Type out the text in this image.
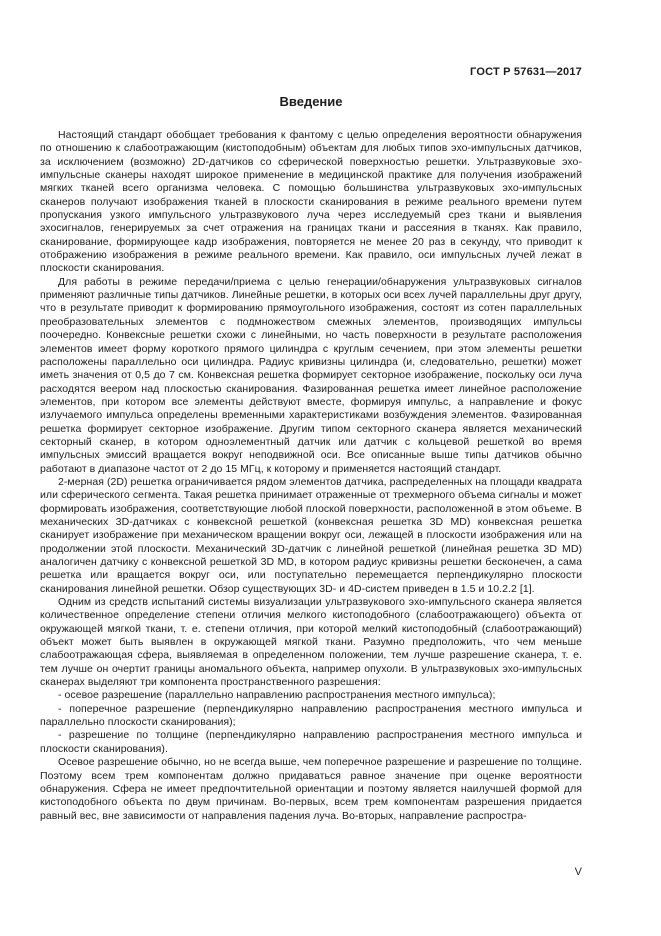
ГОСТ Р 57631—2017
Введение

Настоящий стандарт обобщает требования к фантому с целью определения вероятности обнаружения по отношению к слабоотражающим (кистоподобным) объектам для любых типов эхо-импульсных датчиков, за исключением (возможно) 2D-датчиков со сферической поверхностью решетки. Ультразвуковые эхо-импульсные сканеры находят широкое применение в медицинской практике для получения изображений мягких тканей всего организма человека. С помощью большинства ультразвуковых эхо-импульсных сканеров получают изображения тканей в плоскости сканирования в режиме реального времени путем пропускания узкого импульсного ультразвукового луча через исследуемый срез ткани и выявления эхосигналов, генерируемых за счет отражения на границах ткани и рассеяния в тканях. Как правило, сканирование, формирующее кадр изображения, повторяется не менее 20 раз в секунду, что приводит к отображению изображения в режиме реального времени. Как правило, оси импульсных лучей лежат в плоскости сканирования.

Для работы в режиме передачи/приема с целью генерации/обнаружения ультразвуковых сигналов применяют различные типы датчиков. Линейные решетки, в которых оси всех лучей параллельны друг другу, что в результате приводит к формированию прямоугольного изображения, состоят из сотен параллельных преобразовательных элементов с подмножеством смежных элементов, производящих импульсы поочередно. Конвексные решетки схожи с линейными, но часть поверхности в результате расположения элементов имеет форму короткого прямого цилиндра с круглым сечением, при этом элементы решетки расположены параллельно оси цилиндра. Радиус кривизны цилиндра (и, следовательно, решетки) может иметь значения от 0,5 до 7 см. Конвексная решетка формирует секторное изображение, поскольку оси луча расходятся веером над плоскостью сканирования. Фазированная решетка имеет линейное расположение элементов, при котором все элементы действуют вместе, формируя импульс, а направление и фокус излучаемого импульса определены временными характеристиками возбуждения элементов. Фазированная решетка формирует секторное изображение. Другим типом секторного сканера является механический секторный сканер, в котором одноэлементный датчик или датчик с кольцевой решеткой во время импульсных эмиссий вращается вокруг неподвижной оси. Все описанные выше типы датчиков обычно работают в диапазоне частот от 2 до 15 МГц, к которому и применяется настоящий стандарт.

2-мерная (2D) решетка ограничивается рядом элементов датчика, распределенных на площади квадрата или сферического сегмента. Такая решетка принимает отраженные от трехмерного объема сигналы и может формировать изображения, соответствующие любой плоской поверхности, расположенной в этом объеме. В механических 3D-датчиках с конвексной решеткой (конвексная решетка 3D MD) конвексная решетка сканирует изображение при механическом вращении вокруг оси, лежащей в плоскости изображения или на продолжении этой плоскости. Механический 3D-датчик с линейной решеткой (линейная решетка 3D MD) аналогичен датчику с конвексной решеткой 3D MD, в котором радиус кривизны решетки бесконечен, а сама решетка или вращается вокруг оси, или поступательно перемещается перпендикулярно плоскости сканирования линейной решетки. Обзор существующих 3D- и 4D-систем приведен в 1.5 и 10.2.2 [1].

Одним из средств испытаний системы визуализации ультразвукового эхо-импульсного сканера является количественное определение степени отличия мелкого кистоподобного (слабоотражающего) объекта от окружающей мягкой ткани, т. е. степени отличия, при которой мелкий кистоподобный (слабоотражающий) объект может быть выявлен в окружающей мягкой ткани. Разумно предположить, что чем меньше слабоотражающая сфера, выявляемая в определенном положении, тем лучше разрешение сканера, т. е. тем лучше он очертит границы аномального объекта, например опухоли. В ультразвуковых эхо-импульсных сканерах выделяют три компонента пространственного разрешения:

- осевое разрешение (параллельно направлению распространения местного импульса);

- поперечное разрешение (перпендикулярно направлению распространения местного импульса и параллельно плоскости сканирования);

- разрешение по толщине (перпендикулярно направлению распространения местного импульса и плоскости сканирования).

Осевое разрешение обычно, но не всегда выше, чем поперечное разрешение и разрешение по толщине. Поэтому всем трем компонентам должно придаваться равное значение при оценке вероятности обнаружения. Сфера не имеет предпочтительной ориентации и поэтому является наилучшей формой для кистоподобного объекта по двум причинам. Во-первых, всем трем компонентам разрешения придается равный вес, вне зависимости от направления падения луча. Во-вторых, направление распростра-

V
